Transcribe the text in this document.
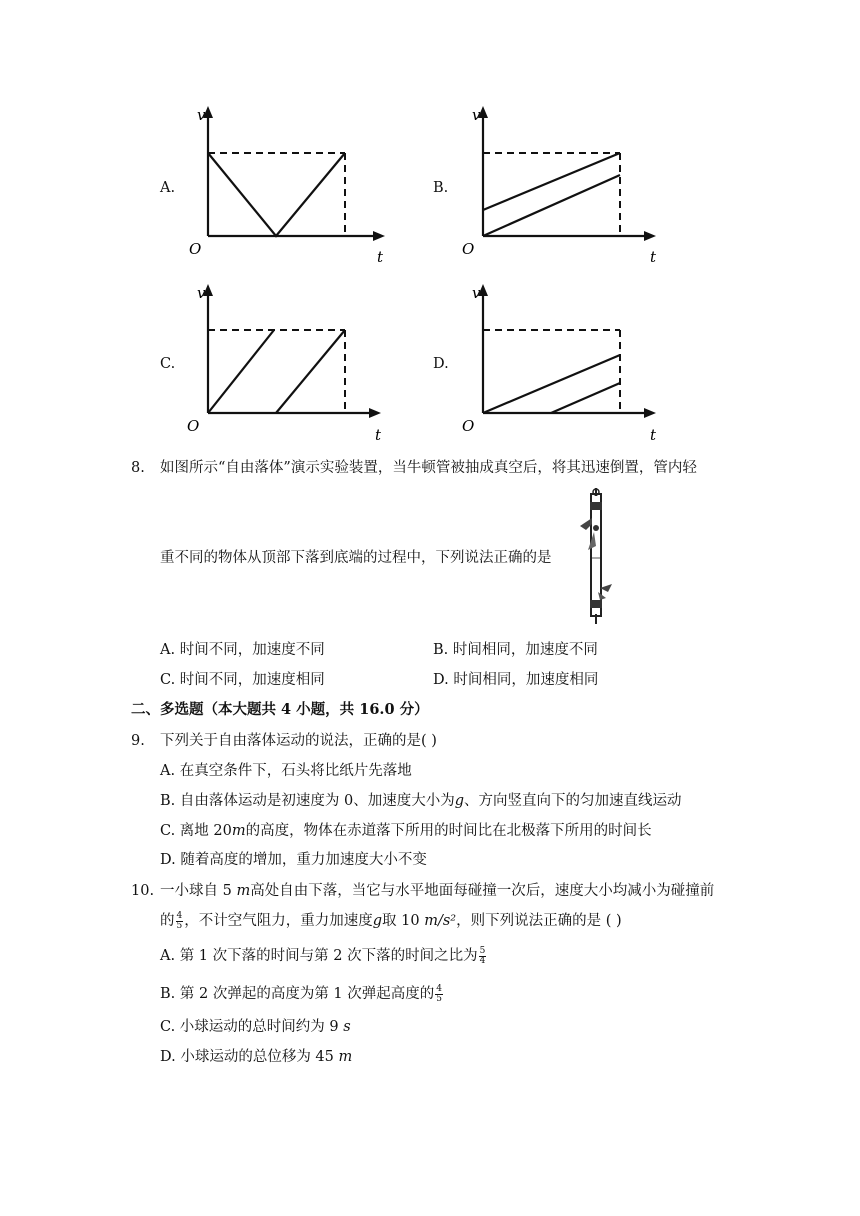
A.
v
O	t
B.
v
O	t
C.
v
O	t
D.
v
O	t
8. 如图所示“自由落体”演示实验装置，当牛顿管被抽成真空后，将其迅速倒置，管内轻
重不同的物体从顶部下落到底端的过程中，下列说法正确的是
A. 时间不同，加速度不同	B. 时间相同，加速度不同
C. 时间不同，加速度相同	D. 时间相同，加速度相同
二、多选题（本大题共 4 小题，共 16.0 分）
9. 下列关于自由落体运动的说法，正确的是( )
A. 在真空条件下，石头将比纸片先落地
B. 自由落体运动是初速度为 0、加速度大小为g、方向竖直向下的匀加速直线运动
C. 离地 20m的高度，物体在赤道落下所用的时间比在北极落下所用的时间长
D. 随着高度的增加，重力加速度大小不变
10. 一小球自 5 m高处自由下落，当它与水平地面每碰撞一次后，速度大小均减小为碰撞前
的 $\frac{4}{5}$ ，不计空气阻力，重力加速度g取 10 m/s²，则下列说法正确的是 ( )
A. 第 1 次下落的时间与第 2 次下落的时间之比为 $\frac{5}{4}$
B. 第 2 次弹起的高度为第 1 次弹起高度的 $\frac{4}{5}$
C. 小球运动的总时间约为 9 s
D. 小球运动的总位移为 45 m
